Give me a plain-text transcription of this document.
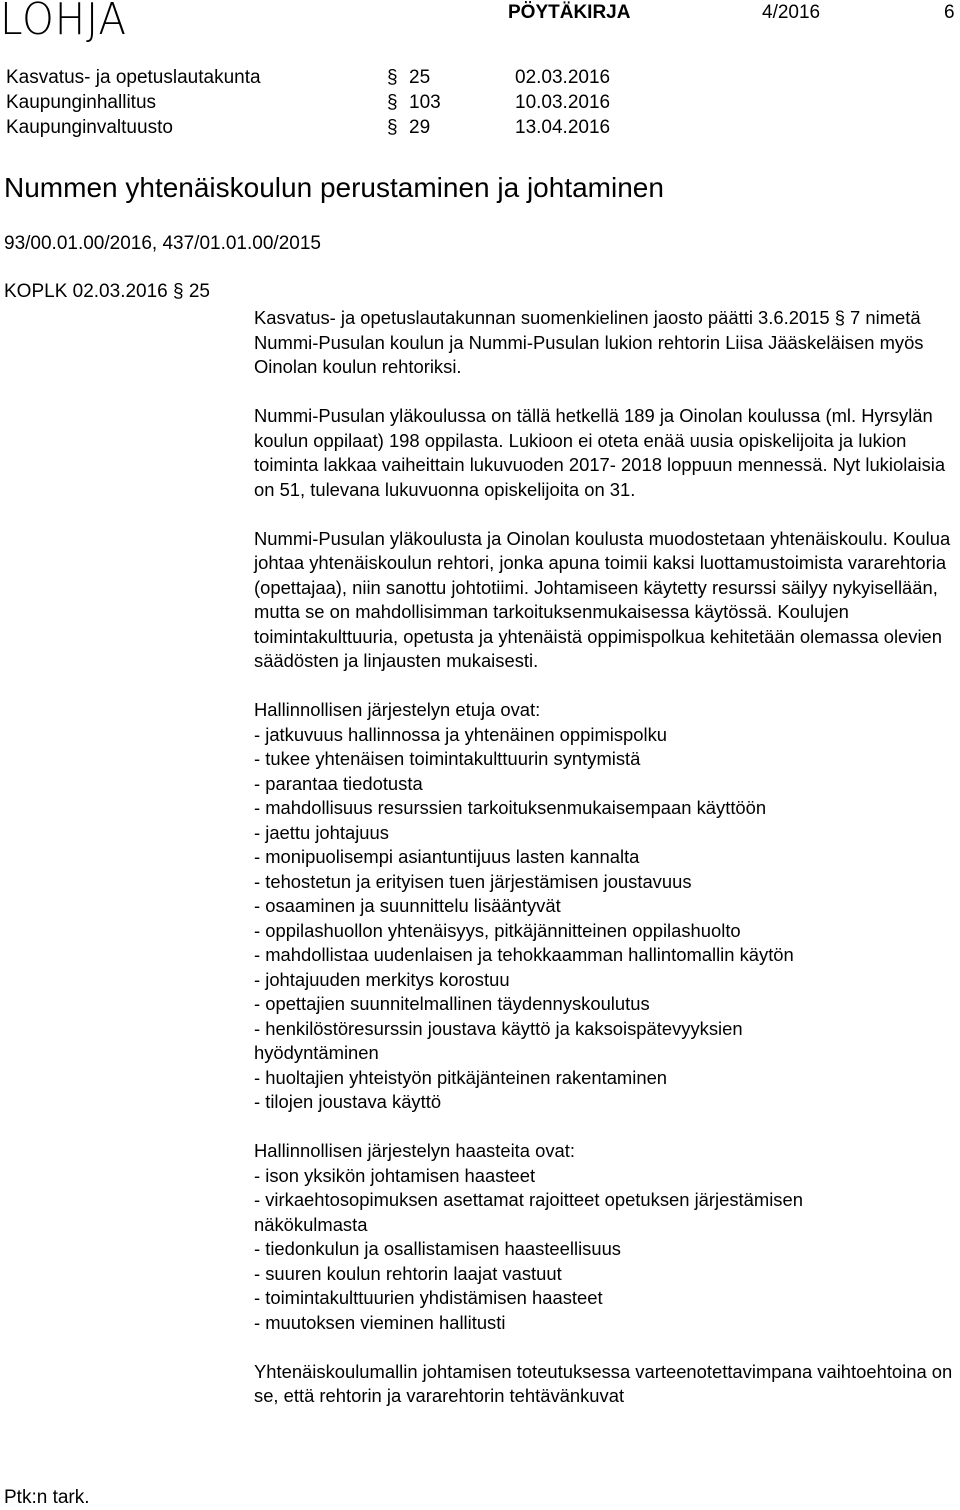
LOHJA	PÖYTÄKIRJA	4/2016	6
Kasvatus- ja opetuslautakunta	§ 25	02.03.2016
Kaupunginhallitus	§ 103	10.03.2016
Kaupunginvaltuusto	§ 29	13.04.2016
Nummen yhtenäiskoulun perustaminen ja johtaminen
93/00.01.00/2016, 437/01.01.00/2015
KOPLK 02.03.2016 § 25

Kasvatus- ja opetuslautakunnan suomenkielinen jaosto päätti 3.6.2015 § 7 nimetä Nummi-Pusulan koulun ja Nummi-Pusulan lukion rehtorin Liisa Jääskeläisen myös Oinolan koulun rehtoriksi.

Nummi-Pusulan yläkoulussa on tällä hetkellä 189 ja Oinolan koulussa (ml. Hyrsylän koulun oppilaat) 198 oppilasta. Lukioon ei oteta enää uusia opiskelijoita ja lukion toiminta lakkaa vaiheittain lukuvuoden 2017- 2018 loppuun mennessä. Nyt lukiolaisia on 51, tulevana lukuvuonna opiskelijoita on 31.

Nummi-Pusulan yläkoulusta ja Oinolan koulusta muodostetaan yhtenäiskoulu. Koulua johtaa yhtenäiskoulun rehtori, jonka apuna toimii kaksi luottamustoimista vararehtoria (opettajaa), niin sanottu johtotiimi. Johtamiseen käytetty resurssi säilyy nykyisellään, mutta se on mahdollisimman tarkoituksenmukaisessa käytössä. Koulujen toimintakulttuuria, opetusta ja yhtenäistä oppimispolkua kehitetään olemassa olevien säädösten ja linjausten mukaisesti.

Hallinnollisen järjestelyn etuja ovat:
- jatkuvuus hallinnossa ja yhtenäinen oppimispolku
- tukee yhtenäisen toimintakulttuurin syntymistä
- parantaa tiedotusta
- mahdollisuus resurssien tarkoituksenmukaisempaan käyttöön
- jaettu johtajuus
- monipuolisempi asiantuntijuus lasten kannalta
- tehostetun ja erityisen tuen järjestämisen joustavuus
- osaaminen ja suunnittelu lisääntyvät
- oppilashuollon yhtenäisyys, pitkäjännitteinen oppilashuolto
- mahdollistaa uudenlaisen ja tehokkaamman hallintomallin käytön
- johtajuuden merkitys korostuu
- opettajien suunnitelmallinen täydennyskoulutus
- henkilöstöresurssin joustava käyttö ja kaksoispätevyyksien hyödyntäminen
- huoltajien yhteistyön pitkäjänteinen rakentaminen
- tilojen joustava käyttö
Hallinnollisen järjestelyn haasteita ovat:
- ison yksikön johtamisen haasteet
- virkaehtosopimuksen asettamat rajoitteet opetuksen järjestämisen näkökulmasta
- tiedonkulun ja osallistamisen haasteellisuus
- suuren koulun rehtorin laajat vastuut
- toimintakulttuurien yhdistämisen haasteet
- muutoksen vieminen hallitusti

Yhtenäiskoulumallin johtamisen toteutuksessa varteenotettavimpana vaihtoehtoina on se, että rehtorin ja vararehtorin tehtävänkuvat

Ptk:n tark.
